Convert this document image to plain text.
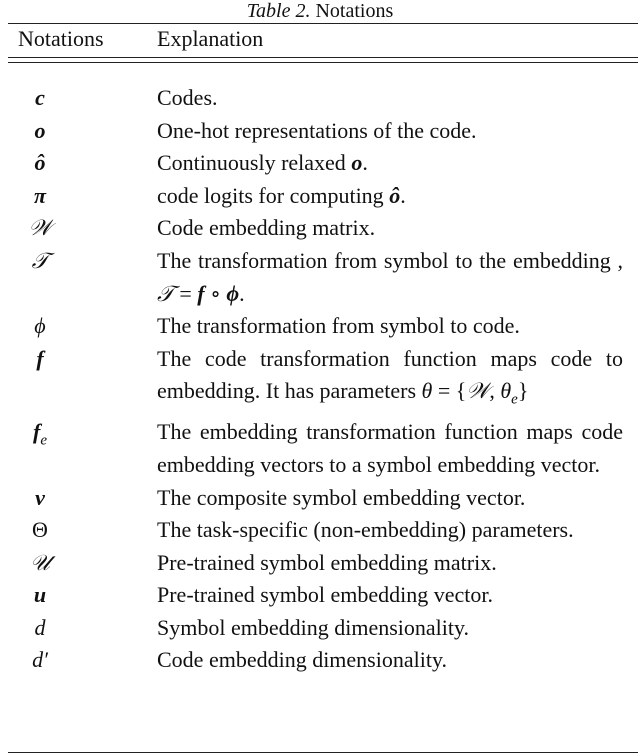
Table 2. Notations
Notations Explanation
c	Codes.
o	One-hot representations of the code.
ô	Continuously relaxed o.
π	code logits for computing ô.
𝒲	Code embedding matrix.
𝒯	The transformation from symbol to the embedding , 𝒯 = f ∘ ϕ.
ϕ	The transformation from symbol to code.
f	The code transformation function maps code to embedding. It has parameters θ = {𝒲, $\theta_e$}
$f_e$	The embedding transformation function maps code embedding vectors to a symbol embedding vector.
v	The composite symbol embedding vector.
Θ	The task-specific (non-embedding) parameters.
𝒰	Pre-trained symbol embedding matrix.
u	Pre-trained symbol embedding vector.
d	Symbol embedding dimensionality.
d′	Code embedding dimensionality.
